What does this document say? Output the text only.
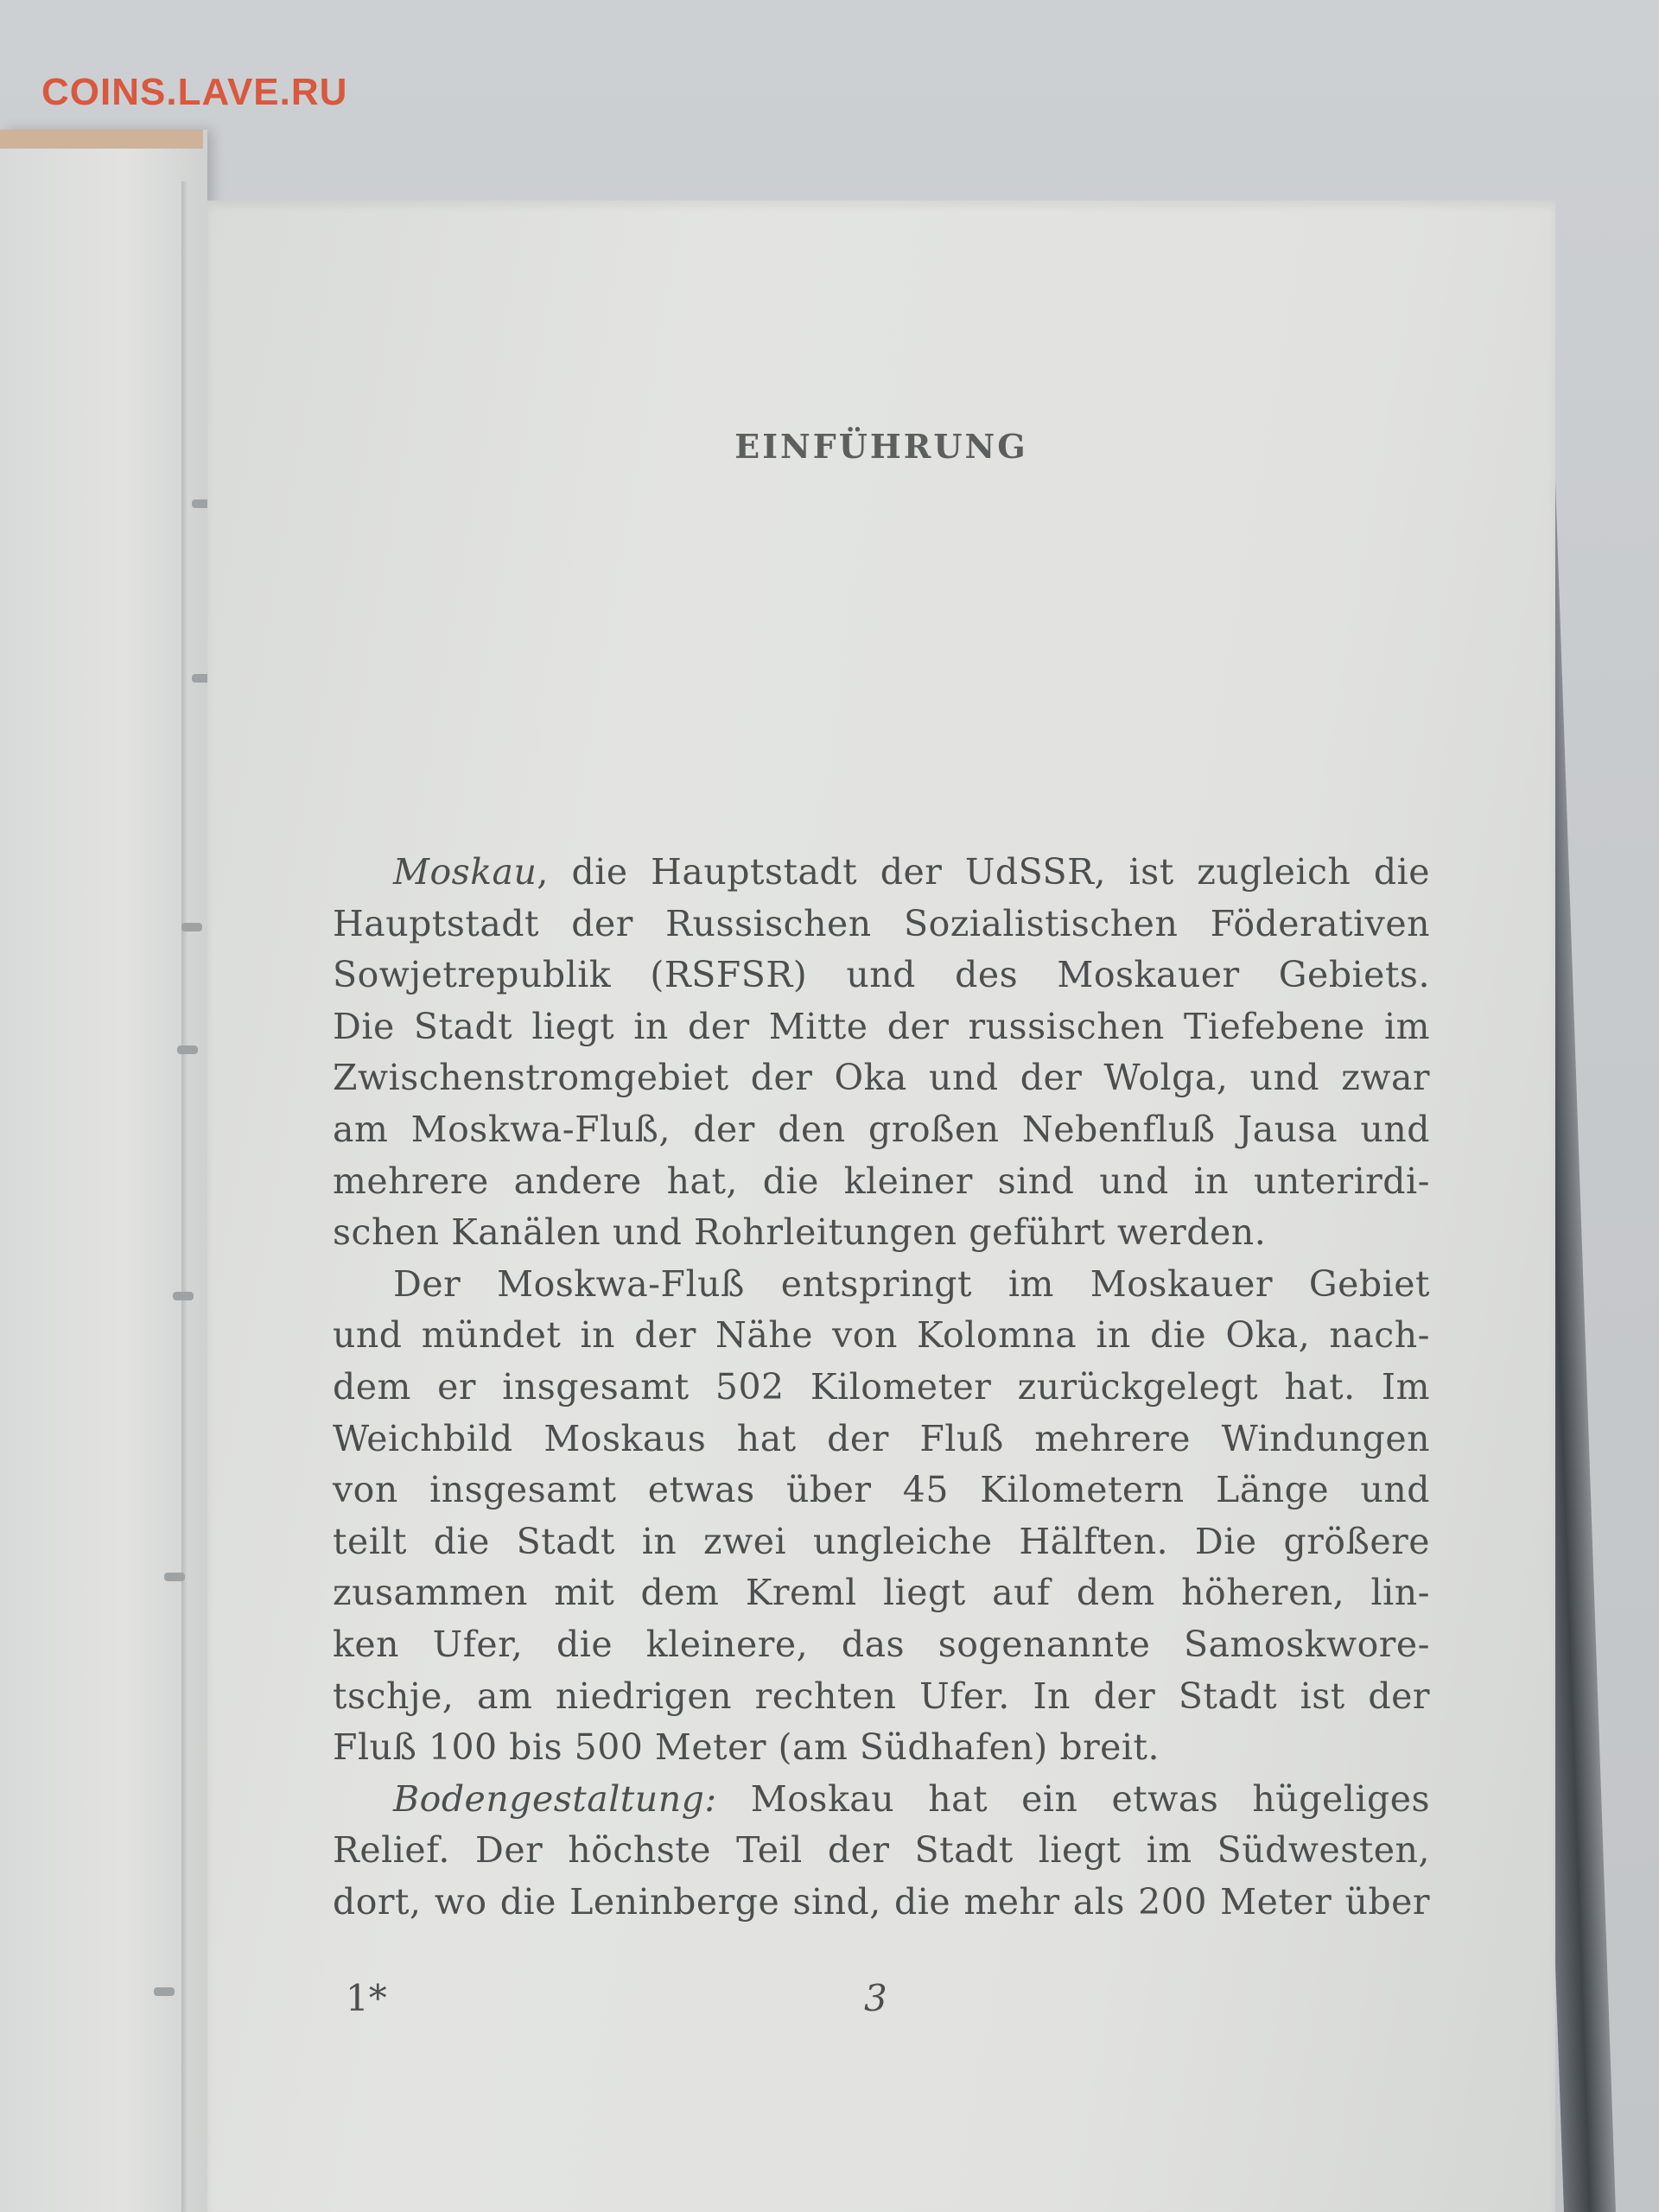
COINS.LAVE.RU
EINFÜHRUNG
Moskau, die Hauptstadt der UdSSR, ist zugleich die
Hauptstadt der Russischen Sozialistischen Föderativen
Sowjetrepublik (RSFSR) und des Moskauer Gebiets.
Die Stadt liegt in der Mitte der russischen Tiefebene im
Zwischenstromgebiet der Oka und der Wolga, und zwar
am Moskwa-Fluß, der den großen Nebenfluß Jausa und
mehrere andere hat, die kleiner sind und in unterirdi-
schen Kanälen und Rohrleitungen geführt werden.
Der Moskwa-Fluß entspringt im Moskauer Gebiet
und mündet in der Nähe von Kolomna in die Oka, nach-
dem er insgesamt 502 Kilometer zurückgelegt hat. Im
Weichbild Moskaus hat der Fluß mehrere Windungen
von insgesamt etwas über 45 Kilometern Länge und
teilt die Stadt in zwei ungleiche Hälften. Die größere
zusammen mit dem Kreml liegt auf dem höheren, lin-
ken Ufer, die kleinere, das sogenannte Samoskwore-
tschje, am niedrigen rechten Ufer. In der Stadt ist der
Fluß 100 bis 500 Meter (am Südhafen) breit.
Bodengestaltung: Moskau hat ein etwas hügeliges
Relief. Der höchste Teil der Stadt liegt im Südwesten,
dort, wo die Leninberge sind, die mehr als 200 Meter über
1*	3
